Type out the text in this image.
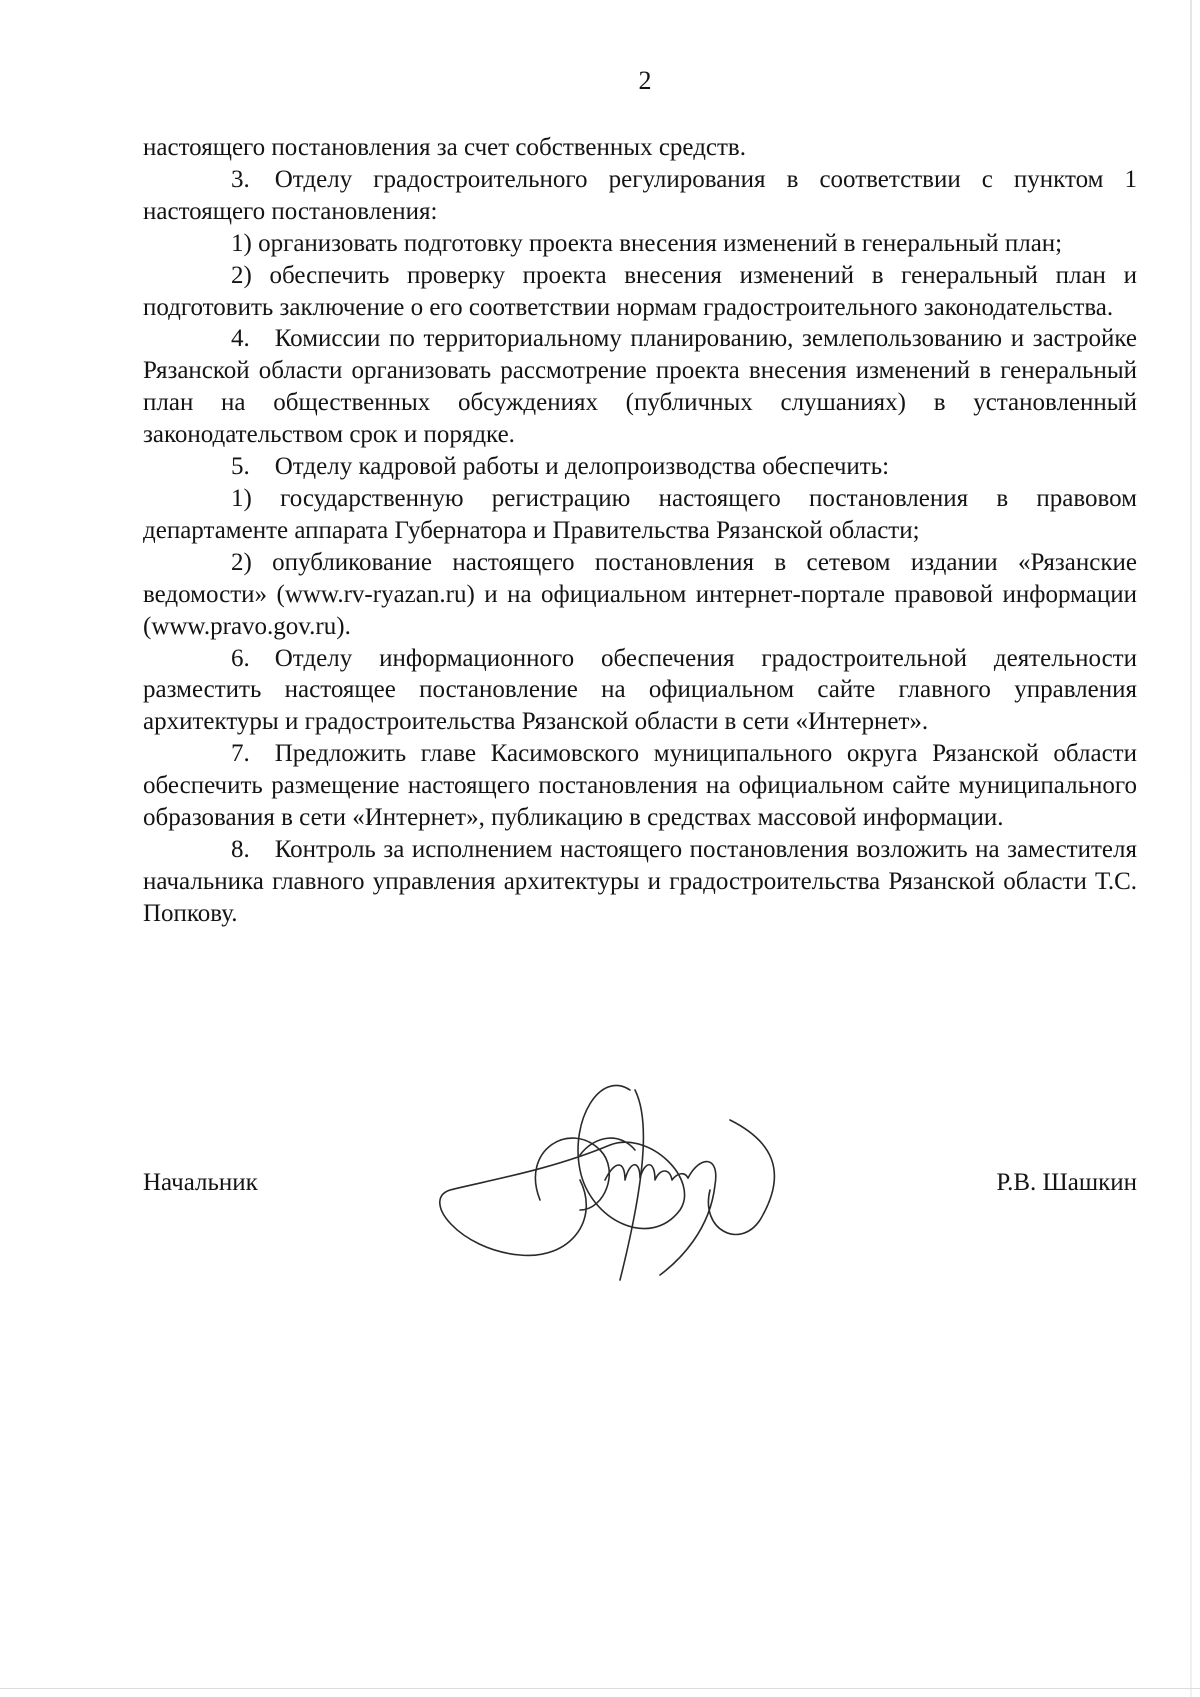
2

настоящего постановления за счет собственных средств.

3. Отделу градостроительного регулирования в соответствии с пунктом 1 настоящего постановления:

1) организовать подготовку проекта внесения изменений в генеральный план;

2) обеспечить проверку проекта внесения изменений в генеральный план и подготовить заключение о его соответствии нормам градостроительного законодательства.

4. Комиссии по территориальному планированию, землепользованию и застройке Рязанской области организовать рассмотрение проекта внесения изменений в генеральный план на общественных обсуждениях (публичных слушаниях) в установленный законодательством срок и порядке.

5. Отделу кадровой работы и делопроизводства обеспечить:

1) государственную регистрацию настоящего постановления в правовом департаменте аппарата Губернатора и Правительства Рязанской области;

2) опубликование настоящего постановления в сетевом издании «Рязанские ведомости» (www.rv-ryazan.ru) и на официальном интернет-портале правовой информации (www.pravo.gov.ru).

6. Отделу информационного обеспечения градостроительной деятельности разместить настоящее постановление на официальном сайте главного управления архитектуры и градостроительства Рязанской области в сети «Интернет».

7. Предложить главе Касимовского муниципального округа Рязанской области обеспечить размещение настоящего постановления на официальном сайте муниципального образования в сети «Интернет», публикацию в средствах массовой информации.

8. Контроль за исполнением настоящего постановления возложить на заместителя начальника главного управления архитектуры и градостроительства Рязанской области Т.С. Попкову.

Начальник	Р.В. Шашкин
